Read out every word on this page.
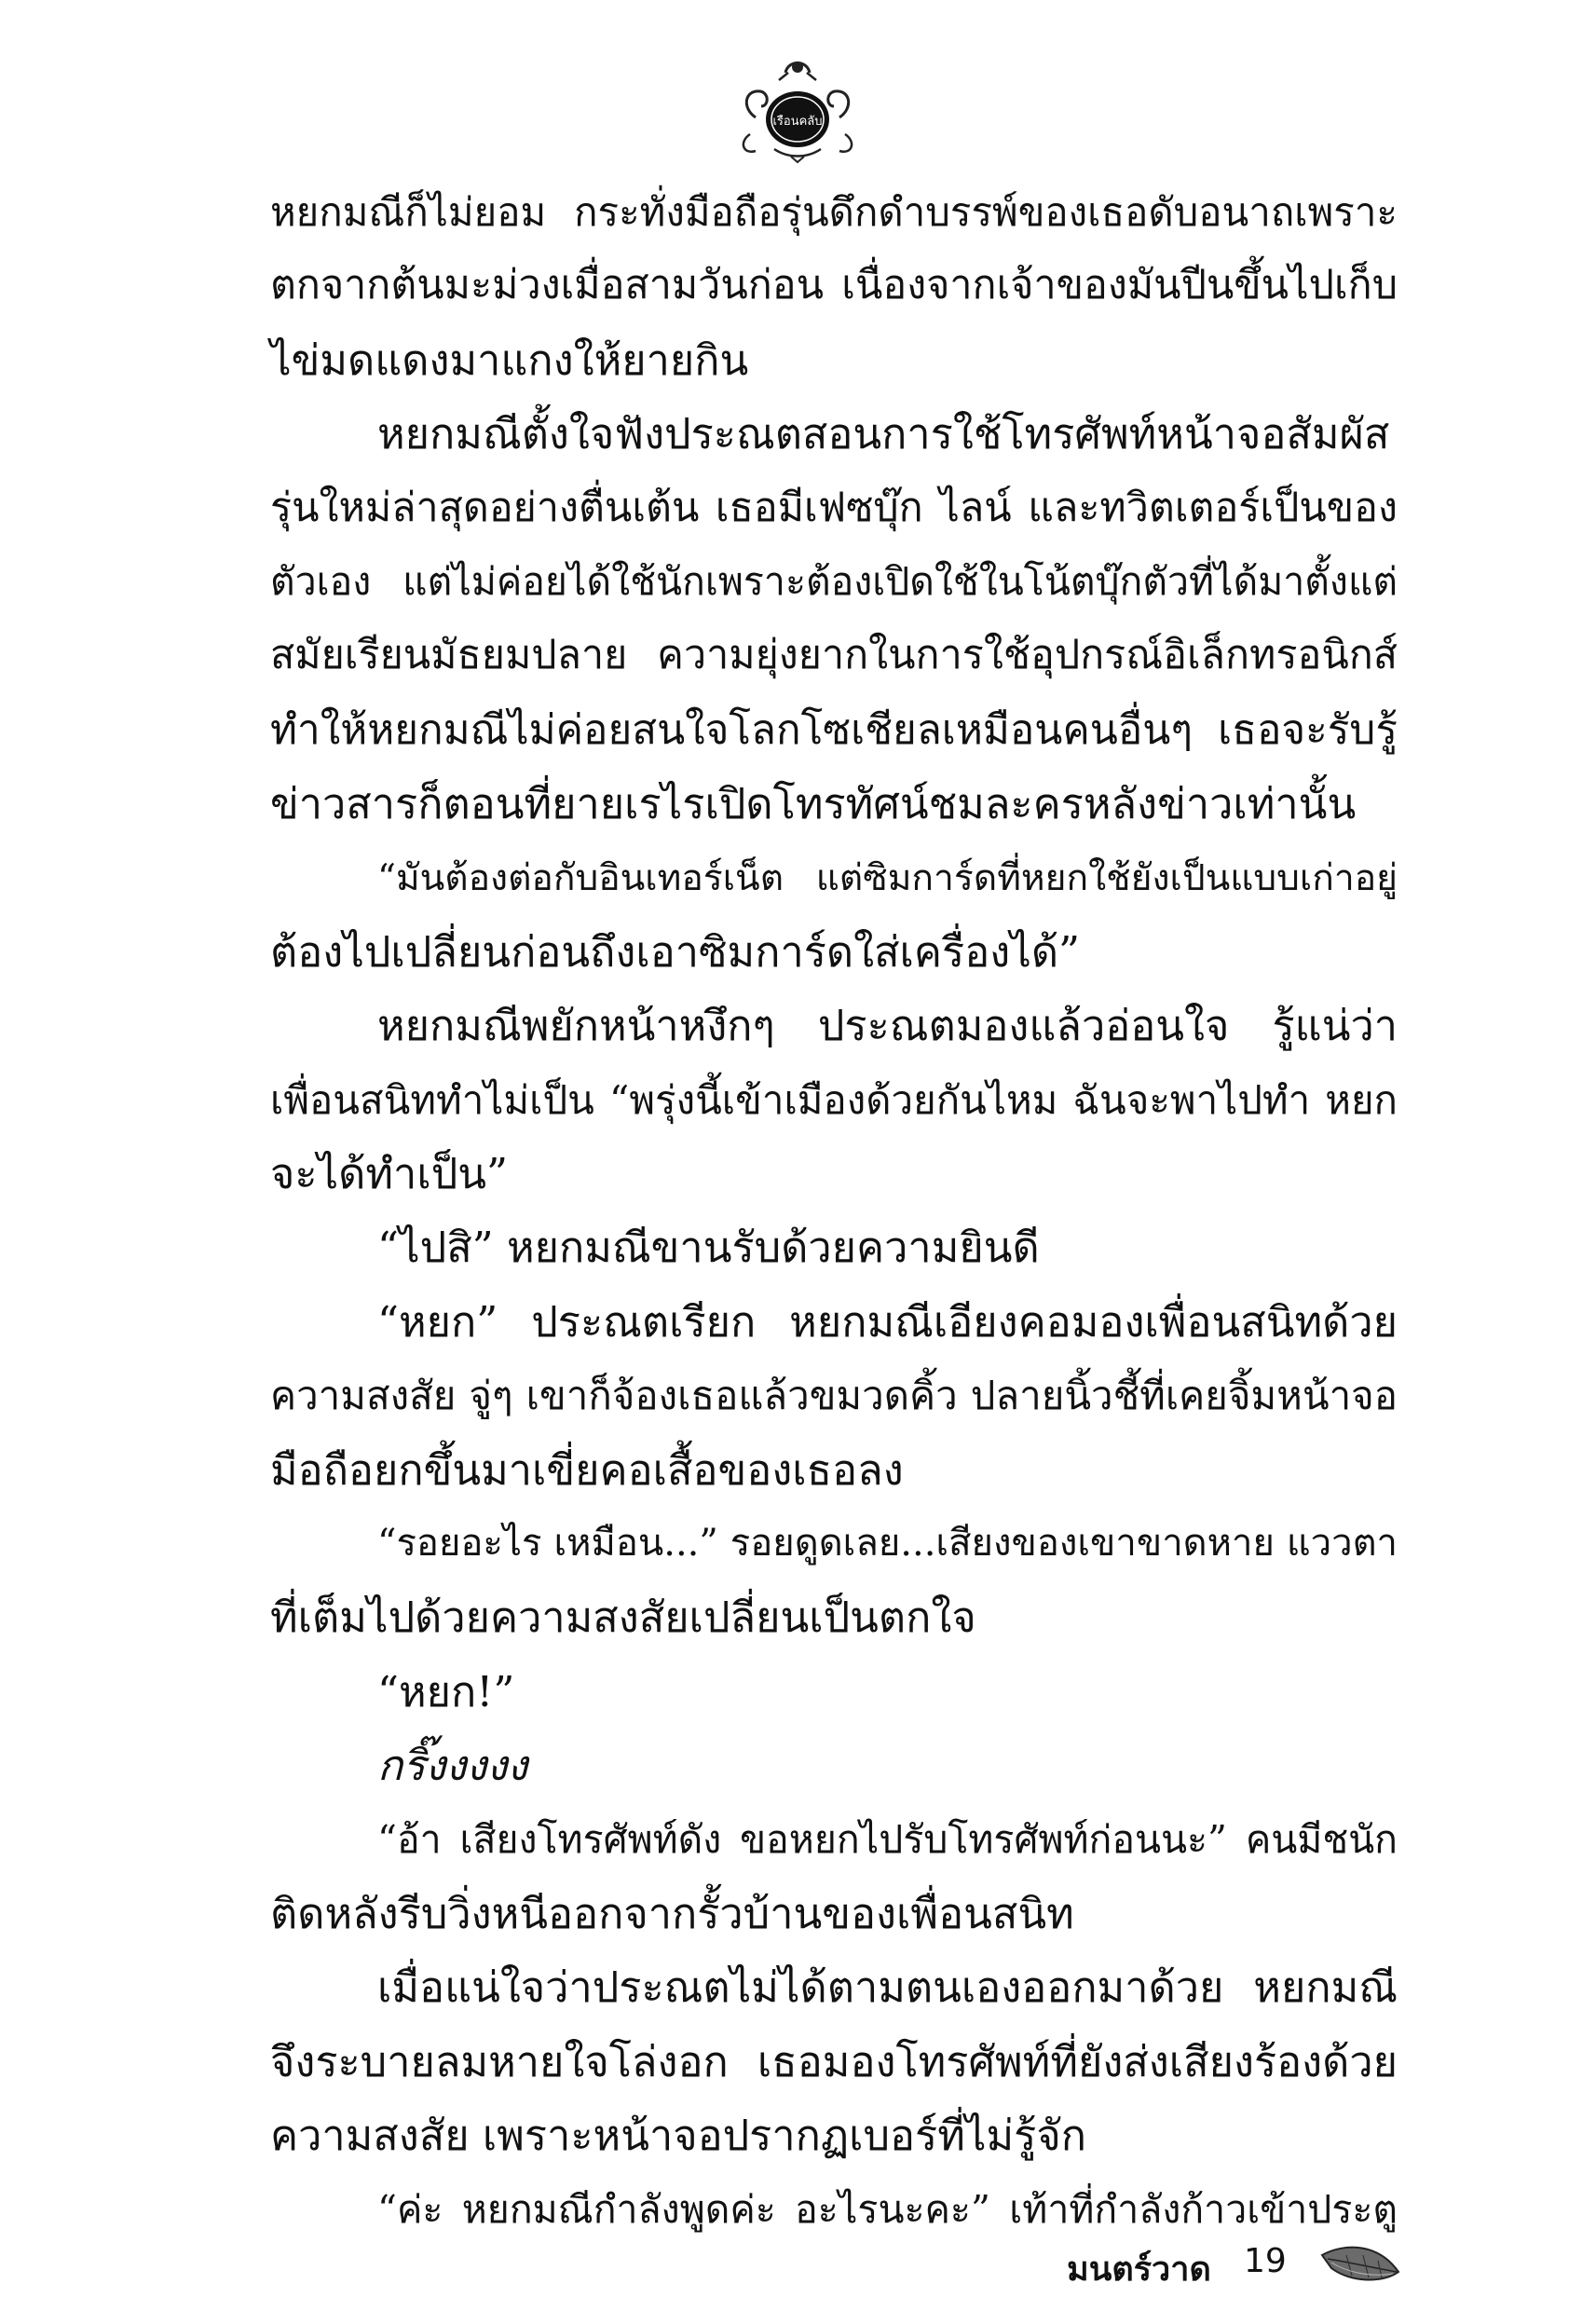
เรือนคลับ
หยกมณีก็ไม่ยอม กระทั่งมือถือรุ่นดึกดำบรรพ์ของเธอดับอนาถเพราะ
ตกจากต้นมะม่วงเมื่อสามวันก่อน เนื่องจากเจ้าของมันปีนขึ้นไปเก็บ
ไข่มดแดงมาแกงให้ยายกิน
หยกมณีตั้งใจฟังประณตสอนการใช้โทรศัพท์หน้าจอสัมผัส
รุ่นใหม่ล่าสุดอย่างตื่นเต้น เธอมีเฟซบุ๊ก ไลน์ และทวิตเตอร์เป็นของ
ตัวเอง แต่ไม่ค่อยได้ใช้นักเพราะต้องเปิดใช้ในโน้ตบุ๊กตัวที่ได้มาตั้งแต่
สมัยเรียนมัธยมปลาย ความยุ่งยากในการใช้อุปกรณ์อิเล็กทรอนิกส์
ทำให้หยกมณีไม่ค่อยสนใจโลกโซเชียลเหมือนคนอื่นๆ เธอจะรับรู้
ข่าวสารก็ตอนที่ยายเรไรเปิดโทรทัศน์ชมละครหลังข่าวเท่านั้น
“มันต้องต่อกับอินเทอร์เน็ต แต่ซิมการ์ดที่หยกใช้ยังเป็นแบบเก่าอยู่
ต้องไปเปลี่ยนก่อนถึงเอาซิมการ์ดใส่เครื่องได้”
หยกมณีพยักหน้าหงึกๆ ประณตมองแล้วอ่อนใจ รู้แน่ว่า
เพื่อนสนิททำไม่เป็น “พรุ่งนี้เข้าเมืองด้วยกันไหม ฉันจะพาไปทำ หยก
จะได้ทำเป็น”
“ไปสิ” หยกมณีขานรับด้วยความยินดี
“หยก” ประณตเรียก หยกมณีเอียงคอมองเพื่อนสนิทด้วย
ความสงสัย จู่ๆ เขาก็จ้องเธอแล้วขมวดคิ้ว ปลายนิ้วชี้ที่เคยจิ้มหน้าจอ
มือถือยกขึ้นมาเขี่ยคอเสื้อของเธอลง
“รอยอะไร เหมือน...” รอยดูดเลย...เสียงของเขาขาดหาย แววตา
ที่เต็มไปด้วยความสงสัยเปลี่ยนเป็นตกใจ
“หยก!”
กริ๊งงงงง
“อ้า เสียงโทรศัพท์ดัง ขอหยกไปรับโทรศัพท์ก่อนนะ” คนมีชนัก
ติดหลังรีบวิ่งหนีออกจากรั้วบ้านของเพื่อนสนิท
เมื่อแน่ใจว่าประณตไม่ได้ตามตนเองออกมาด้วย หยกมณี
จึงระบายลมหายใจโล่งอก เธอมองโทรศัพท์ที่ยังส่งเสียงร้องด้วย
ความสงสัย เพราะหน้าจอปรากฏเบอร์ที่ไม่รู้จัก
“ค่ะ หยกมณีกำลังพูดค่ะ อะไรนะคะ” เท้าที่กำลังก้าวเข้าประตู
มนตร์วาด 19
